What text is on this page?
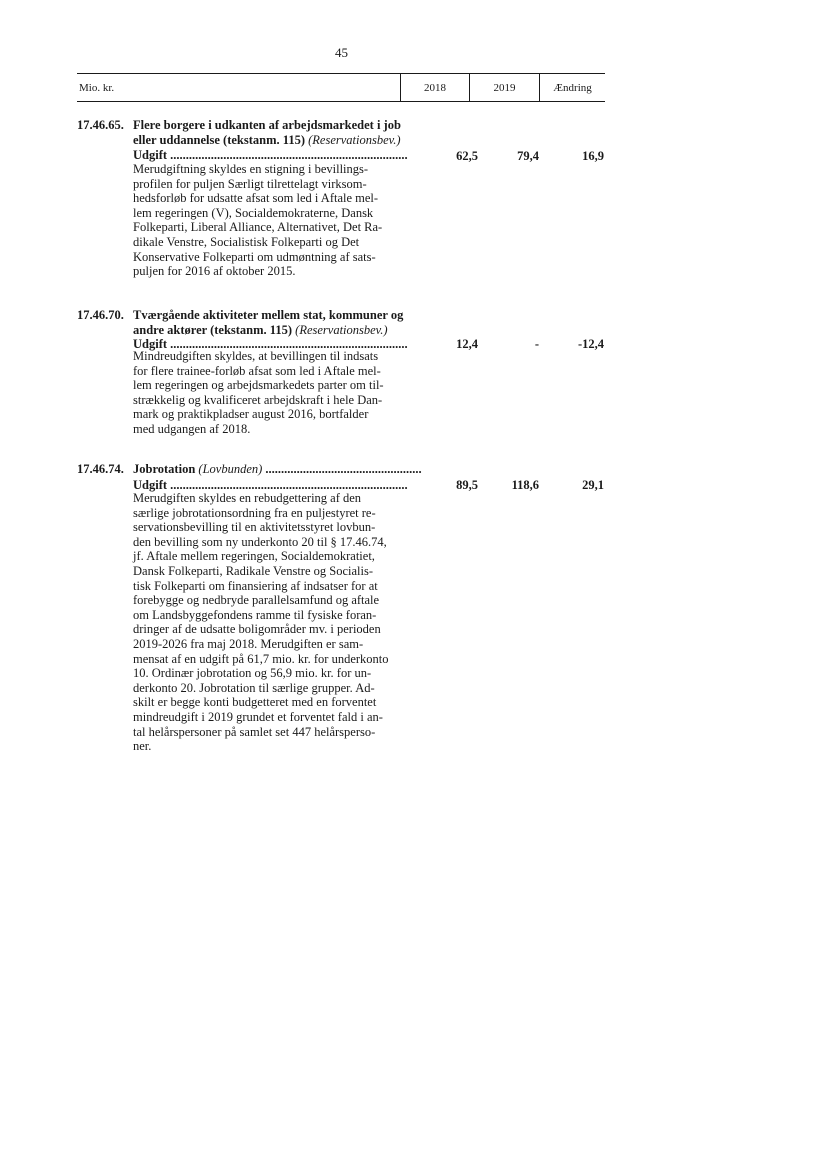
45
Mio. kr.	2018	2019	Ændring
17.46.65. Flere borgere i udkanten af arbejdsmarkedet i job
eller uddannelse (tekstanm. 115) (Reservationsbev.)
Udgift ............................................................................	62,5	79,4	16,9
Merudgiftning skyldes en stigning i bevillings-
profilen for puljen Særligt tilrettelagt virksom-
hedsforløb for udsatte afsat som led i Aftale mel-
lem regeringen (V), Socialdemokraterne, Dansk
Folkeparti, Liberal Alliance, Alternativet, Det Ra-
dikale Venstre, Socialistisk Folkeparti og Det
Konservative Folkeparti om udmøntning af sats-
puljen for 2016 af oktober 2015.
17.46.70. Tværgående aktiviteter mellem stat, kommuner og
andre aktører (tekstanm. 115) (Reservationsbev.)
Udgift ............................................................................	12,4	-	-12,4
Mindreudgiften skyldes, at bevillingen til indsats
for flere trainee-forløb afsat som led i Aftale mel-
lem regeringen og arbejdsmarkedets parter om til-
strækkelig og kvalificeret arbejdskraft i hele Dan-
mark og praktikpladser august 2016, bortfalder
med udgangen af 2018.
17.46.74. Jobrotation (Lovbunden) ..................................................
Udgift ............................................................................	89,5	118,6	29,1
Merudgiften skyldes en rebudgettering af den
særlige jobrotationsordning fra en puljestyret re-
servationsbevilling til en aktivitetsstyret lovbun-
den bevilling som ny underkonto 20 til § 17.46.74,
jf. Aftale mellem regeringen, Socialdemokratiet,
Dansk Folkeparti, Radikale Venstre og Socialis-
tisk Folkeparti om finansiering af indsatser for at
forebygge og nedbryde parallelsamfund og aftale
om Landsbyggefondens ramme til fysiske foran-
dringer af de udsatte boligområder mv. i perioden
2019-2026 fra maj 2018. Merudgiften er sam-
mensat af en udgift på 61,7 mio. kr. for underkonto
10. Ordinær jobrotation og 56,9 mio. kr. for un-
derkonto 20. Jobrotation til særlige grupper. Ad-
skilt er begge konti budgetteret med en forventet
mindreudgift i 2019 grundet et forventet fald i an-
tal helårspersoner på samlet set 447 helårsperso-
ner.
